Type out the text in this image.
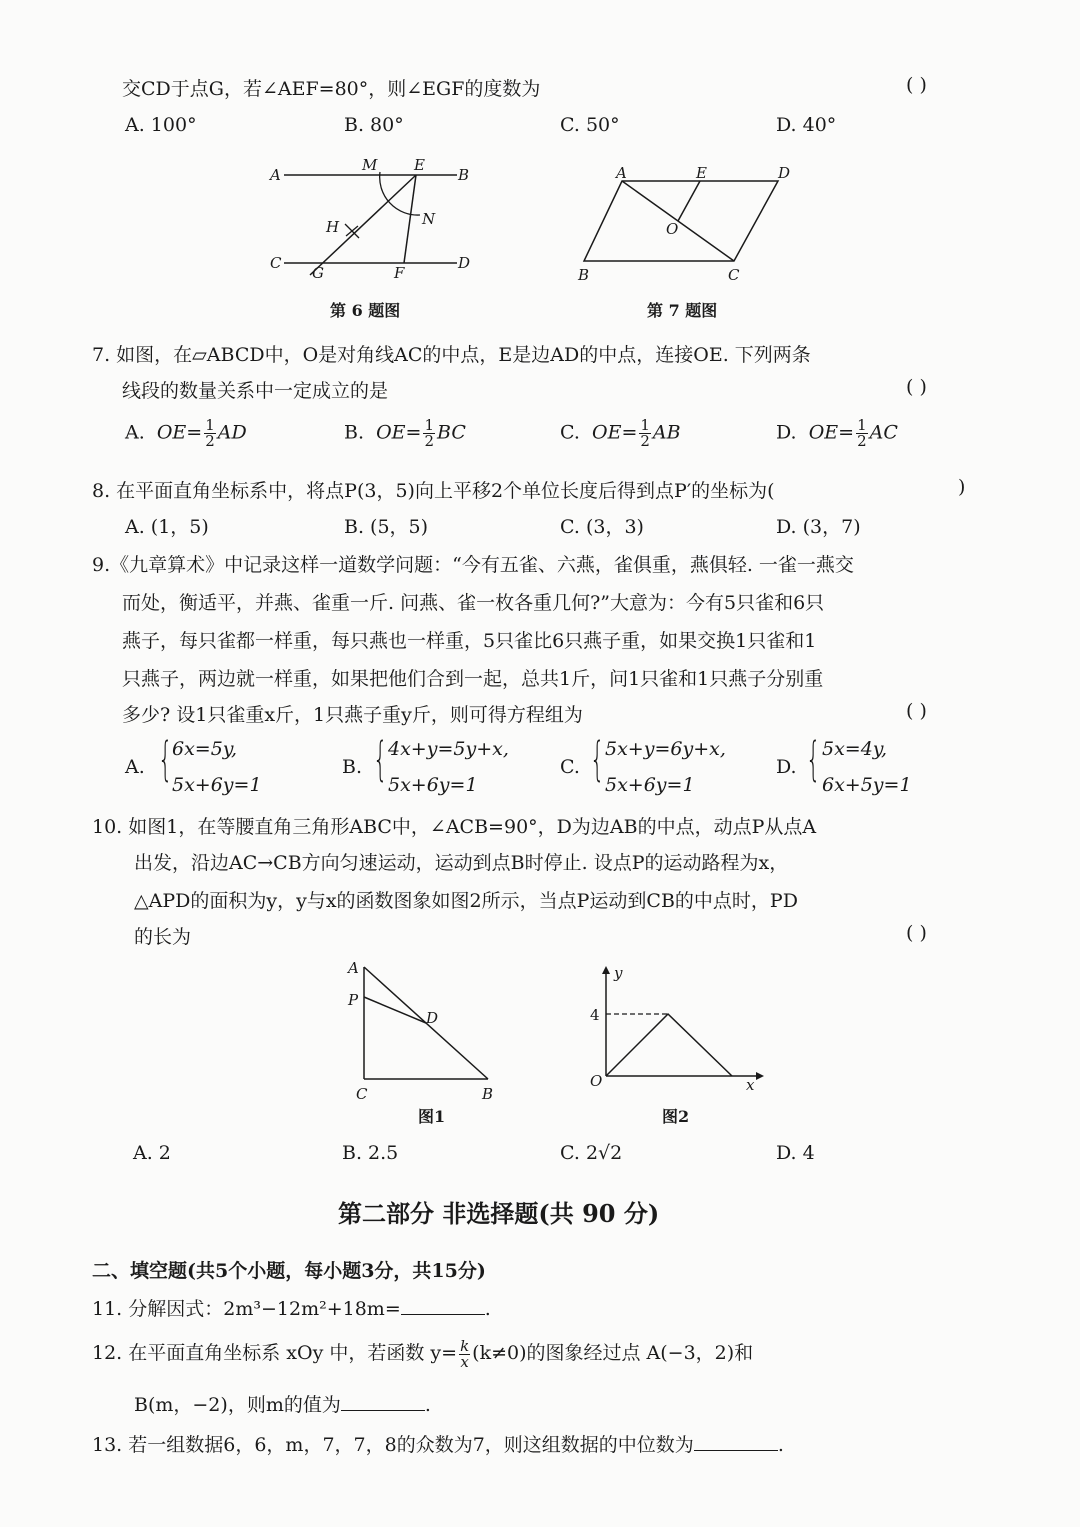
交CD于点G，若∠AEF=80°，则∠EGF的度数为	( )
A. 100°	B. 80°	C. 50°	D. 40°
A	B
C	D
E
F
G
H
M
N
第 6 题图
A
B	C
D
E
O
第 7 题图
7. 如图，在▱ABCD中，O是对角线AC的中点，E是边AD的中点，连接OE. 下列两条
线段的数量关系中一定成立的是	( )
A. $OE= \frac{1}{2}$ AD	B. $OE= \frac{1}{2}$ BC	C. $OE= \frac{1}{2}$ AB	D. $OE= \frac{1}{2}$ AC
8. 在平面直角坐标系中，将点P(3，5)向上平移2个单位长度后得到点P′的坐标为(	)
A. (1，5)	B. (5，5)	C. (3，3)	D. (3，7)
9.《九章算术》中记录这样一道数学问题：“今有五雀、六燕，雀俱重，燕俱轻. 一雀一燕交
而处，衡适平，并燕、雀重一斤. 问燕、雀一枚各重几何?”大意为：今有5只雀和6只
燕子，每只雀都一样重，每只燕也一样重，5只雀比6只燕子重，如果交换1只雀和1
只燕子，两边就一样重，如果把他们合到一起，总共1斤，问1只雀和1只燕子分别重
多少? 设1只雀重x斤，1只燕子重y斤，则可得方程组为	( )
A. { 6x=5y,
5x+6y=1
B. { 4x+y=5y+x,
5x+6y=1
C. { 5x+y=6y+x,
5x+6y=1
D. { 5x=4y,
6x+5y=1
10. 如图1，在等腰直角三角形ABC中，∠ACB=90°，D为边AB的中点，动点P从点A
出发，沿边AC→CB方向匀速运动，运动到点B时停止. 设点P的运动路程为x，
△APD的面积为y，y与x的函数图象如图2所示，当点P运动到CB的中点时，PD
的长为	( )
A
P
D
C	B
图1
y
x
O
4
图2
A. 2	B. 2.5	C. 2√2	D. 4
第二部分 非选择题(共 90 分)
二、填空题(共5个小题，每小题3分，共15分)
11. 分解因式：2m³−12m²+18m=	.
12. 在平面直角坐标系 xOy 中，若函数 $y= \frac{k}{x} (k\ne 0)$的图象经过点 A(−3，2)和
B(m，−2)，则m的值为	.
13. 若一组数据6，6，m，7，7，8的众数为7，则这组数据的中位数为	.
